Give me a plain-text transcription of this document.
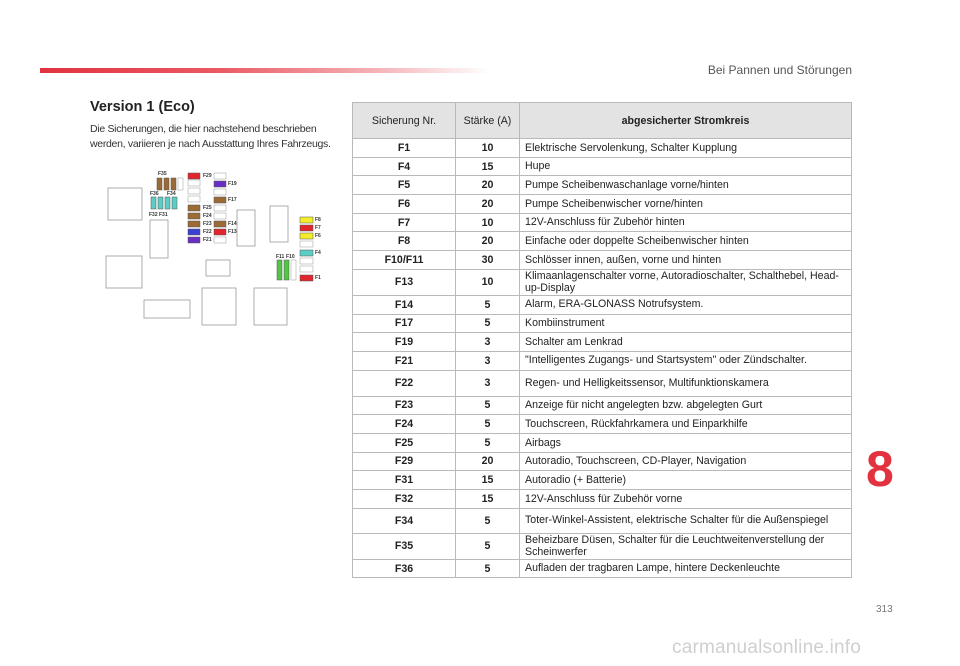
Bei Pannen und Störungen
Version 1 (Eco)
Die Sicherungen, die hier nachstehend beschrieben werden, variieren je nach Ausstattung Ihres Fahrzeugs.
F35
F36 F34
F32 F31
F29
F19
F17
F25
F24
F23
F22
F21
F14
F13
F8
F7
F6
F11 F10
F4
F1
Sicherung Nr.	Stärke (A)	abgesicherter Stromkreis
F1	10	Elektrische Servolenkung, Schalter Kupplung
F4	15	Hupe
F5	20	Pumpe Scheibenwaschanlage vorne/hinten
F6	20	Pumpe Scheibenwischer vorne/hinten
F7	10	12V-Anschluss für Zubehör hinten
F8	20	Einfache oder doppelte Scheibenwischer hinten
F10/F11	30	Schlösser innen, außen, vorne und hinten
F13	10	Klimaanlagenschalter vorne, Autoradioschalter, Schalthebel, Head-up-Display
F14	5	Alarm, ERA-GLONASS Notrufsystem.
F17	5	Kombiinstrument
F19	3	Schalter am Lenkrad
F21	3	"Intelligentes Zugangs- und Startsystem" oder Zündschalter.
F22	3	Regen- und Helligkeitssensor, Multifunktionskamera
F23	5	Anzeige für nicht angelegten bzw. abgelegten Gurt
F24	5	Touchscreen, Rückfahrkamera und Einparkhilfe
F25	5	Airbags
F29	20	Autoradio, Touchscreen, CD-Player, Navigation
F31	15	Autoradio (+ Batterie)
F32	15	12V-Anschluss für Zubehör vorne
F34	5	Toter-Winkel-Assistent, elektrische Schalter für die Außenspiegel
F35	5	Beheizbare Düsen, Schalter für die Leuchtweitenverstellung der Scheinwerfer
F36	5	Aufladen der tragbaren Lampe, hintere Deckenleuchte
8
313
carmanualsonline.info
